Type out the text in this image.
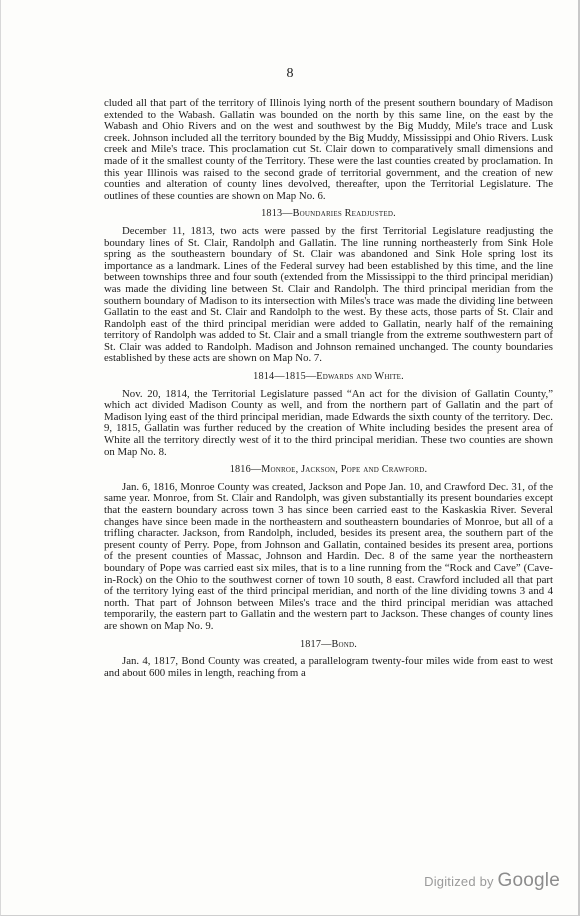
8

cluded all that part of the territory of Illinois lying north of the present southern boundary of Madison extended to the Wabash. Gallatin was bounded on the north by this same line, on the east by the Wabash and Ohio Rivers and on the west and southwest by the Big Muddy, Mile's trace and Lusk creek. Johnson included all the territory bounded by the Big Muddy, Mississippi and Ohio Rivers. Lusk creek and Mile's trace. This proclamation cut St. Clair down to comparatively small dimensions and made of it the smallest county of the Territory. These were the last counties created by proclamation. In this year Illinois was raised to the second grade of territorial government, and the creation of new counties and alteration of county lines devolved, thereafter, upon the Territorial Legislature. The outlines of these counties are shown on Map No. 6.

1813—Boundaries Readjusted.

December 11, 1813, two acts were passed by the first Territorial Legislature readjusting the boundary lines of St. Clair, Randolph and Gallatin. The line running northeasterly from Sink Hole spring as the southeastern boundary of St. Clair was abandoned and Sink Hole spring lost its importance as a landmark. Lines of the Federal survey had been established by this time, and the line between townships three and four south (extended from the Mississippi to the third principal meridian) was made the dividing line between St. Clair and Randolph. The third principal meridian from the southern boundary of Madison to its intersection with Miles's trace was made the dividing line between Gallatin to the east and St. Clair and Randolph to the west. By these acts, those parts of St. Clair and Randolph east of the third principal meridian were added to Gallatin, nearly half of the remaining territory of Randolph was added to St. Clair and a small triangle from the extreme southwestern part of St. Clair was added to Randolph. Madison and Johnson remained unchanged. The county boundaries established by these acts are shown on Map No. 7.

1814—1815—Edwards and White.

Nov. 20, 1814, the Territorial Legislature passed “An act for the division of Gallatin County,” which act divided Madison County as well, and from the northern part of Gallatin and the part of Madison lying east of the third principal meridian, made Edwards the sixth county of the territory. Dec. 9, 1815, Gallatin was further reduced by the creation of White including besides the present area of White all the territory directly west of it to the third principal meridian. These two counties are shown on Map No. 8.

1816—Monroe, Jackson, Pope and Crawford.

Jan. 6, 1816, Monroe County was created, Jackson and Pope Jan. 10, and Crawford Dec. 31, of the same year. Monroe, from St. Clair and Randolph, was given substantially its present boundaries except that the eastern boundary across town 3 has since been carried east to the Kaskaskia River. Several changes have since been made in the northeastern and southeastern boundaries of Monroe, but all of a trifling character. Jackson, from Randolph, included, besides its present area, the southern part of the present county of Perry. Pope, from Johnson and Gallatin, contained besides its present area, portions of the present counties of Massac, Johnson and Hardin. Dec. 8 of the same year the northeastern boundary of Pope was carried east six miles, that is to a line running from the “Rock and Cave” (Cave-in-Rock) on the Ohio to the southwest corner of town 10 south, 8 east. Crawford included all that part of the territory lying east of the third principal meridian, and north of the line dividing towns 3 and 4 north. That part of Johnson between Miles's trace and the third principal meridian was attached temporarily, the eastern part to Gallatin and the western part to Jackson. These changes of county lines are shown on Map No. 9.

1817—Bond.

Jan. 4, 1817, Bond County was created, a parallelogram twenty-four miles wide from east to west and about 600 miles in length, reaching from a

Digitized by Google
